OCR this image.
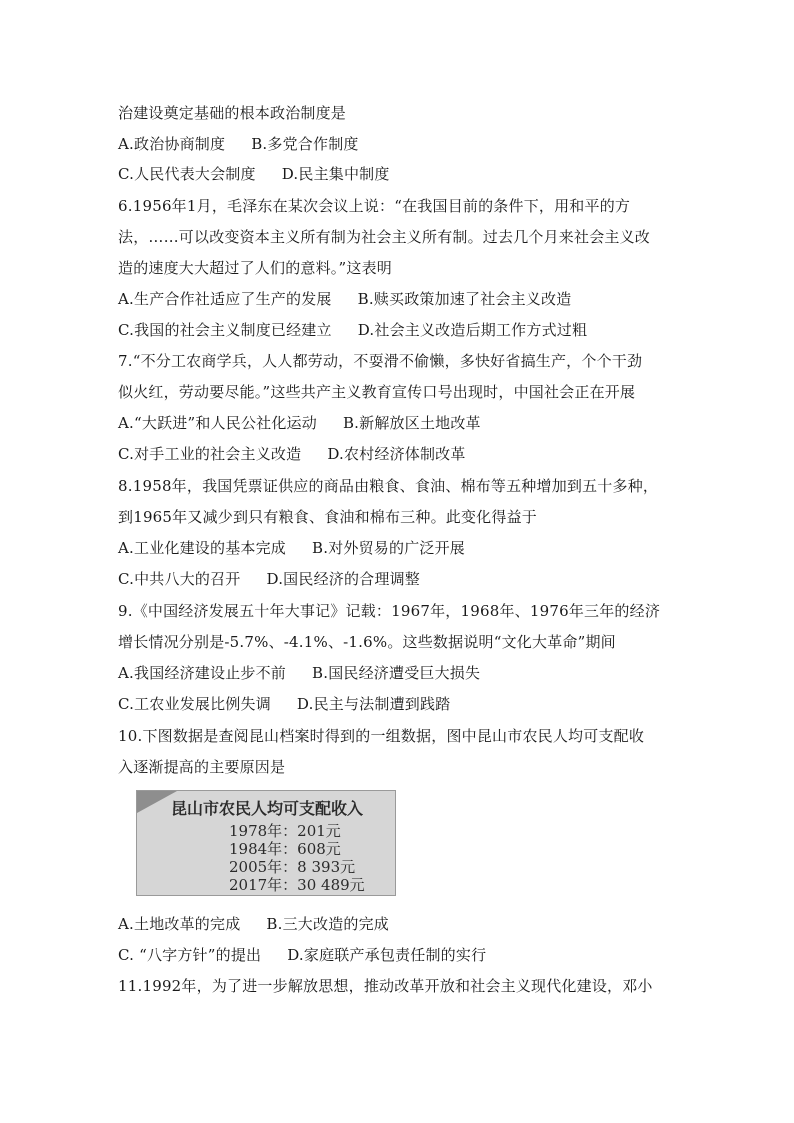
治建设奠定基础的根本政治制度是
A.政治协商制度 B.多党合作制度
C.人民代表大会制度 D.民主集中制度
6.1956年1月，毛泽东在某次会议上说：“在我国目前的条件下，用和平的方
法，……可以改变资本主义所有制为社会主义所有制。过去几个月来社会主义改
造的速度大大超过了人们的意料。”这表明
A.生产合作社适应了生产的发展 B.赎买政策加速了社会主义改造
C.我国的社会主义制度已经建立 D.社会主义改造后期工作方式过粗
7.“不分工农商学兵，人人都劳动，不耍滑不偷懒，多快好省搞生产，个个干劲
似火红，劳动要尽能。”这些共产主义教育宣传口号出现时，中国社会正在开展
A.“大跃进”和人民公社化运动 B.新解放区土地改革
C.对手工业的社会主义改造 D.农村经济体制改革
8.1958年，我国凭票证供应的商品由粮食、食油、棉布等五种增加到五十多种，
到1965年又减少到只有粮食、食油和棉布三种。此变化得益于
A.工业化建设的基本完成 B.对外贸易的广泛开展
C.中共八大的召开 D.国民经济的合理调整
9.《中国经济发展五十年大事记》记载：1967年，1968年、1976年三年的经济
增长情况分别是-5.7%、-4.1%、-1.6%。这些数据说明“文化大革命”期间
A.我国经济建设止步不前 B.国民经济遭受巨大损失
C.工农业发展比例失调 D.民主与法制遭到践踏
10.下图数据是查阅昆山档案时得到的一组数据，图中昆山市农民人均可支配收
入逐渐提高的主要原因是
昆山市农民人均可支配收入
1978年：201元
1984年：608元
2005年：8 393元
2017年：30 489元
A.土地改革的完成 B.三大改造的完成
C. “八字方针”的提出 D.家庭联产承包责任制的实行
11.1992年，为了进一步解放思想，推动改革开放和社会主义现代化建设，邓小
